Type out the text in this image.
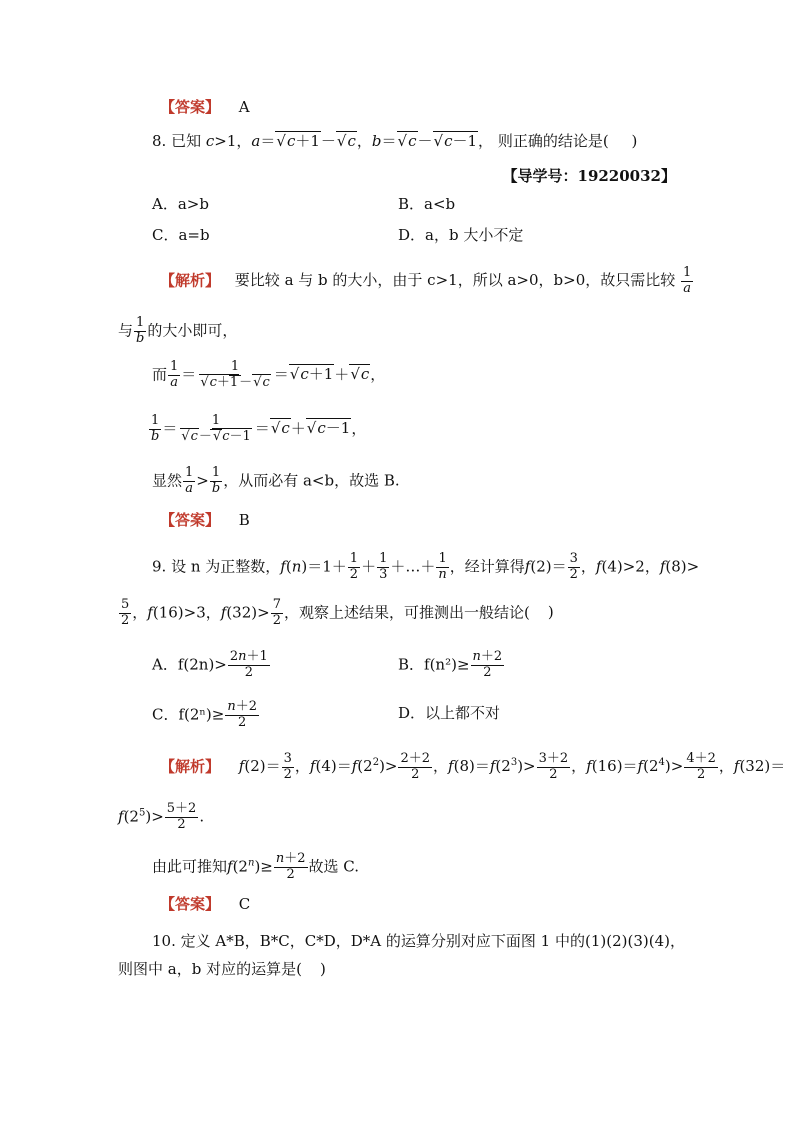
【答案】 A
8. 已知 c>1，a＝ √ c＋1－ √ c，b＝ √ c－ √ c－1， 则正确的结论是( )
【导学号：19220032】
A．a>b	B．a<b
C．a=b	D．a，b 大小不定
【解析】 要比较 a 与 b 的大小，由于 c>1，所以 a>0，b>0，故只需比较 $\frac{1}{a}$
与 $\frac{1}{b}$ 的大小即可，
而 $\frac{1}{a} = 1$
√ c＋1－ √ c ＝ √ c＋1＋ √ c，
$\frac{1}{b} = 1$
√ c－ √ c－1 ＝ √ c＋ √ c－1，
显然 $\frac{1}{a} > \frac{1}{b}$ ，从而必有 a<b，故选 B.
【答案】 B
9. 设 n 为正整数，$f(n)=1+ \frac{1}{2} + \frac{1}{3}$ ＋…＋ $\frac{1}{n}$ ，经计算得$f(2)= \frac{3}{2}$ ，f(4)>2，f(8)>
$\frac{5}{2}$ ，f(16)>3，$f(32)> \frac{7}{2}$ ，观察上述结果，可推测出一般结论( )
A．$f(2n)> \frac{2n+1}{2}$	B．$f(n^2)\ge \frac{n+2}{2}$
C．$f(2^n)\ge \frac{n+2}{2}$	D．以上都不对
【解析】 $f(2)= \frac{3}{2}$ ，$f(4)=f(2^2)> \frac{2+2}{2}$ ，$f(8)=f(2^3)> \frac{3+2}{2}$ ，$f(16)=f(2^4)> \frac{4+2}{2}$ ，f(32)＝
$f(2^5)> \frac{5+2}{2}$ .
由此可推知$f(2^n)\ge \frac{n+2}{2}$ 故选 C.
【答案】 C
10. 定义 A*B，B*C，C*D，D*A 的运算分别对应下面图 1 中的(1)(2)(3)(4)，
则图中 a，b 对应的运算是( )
